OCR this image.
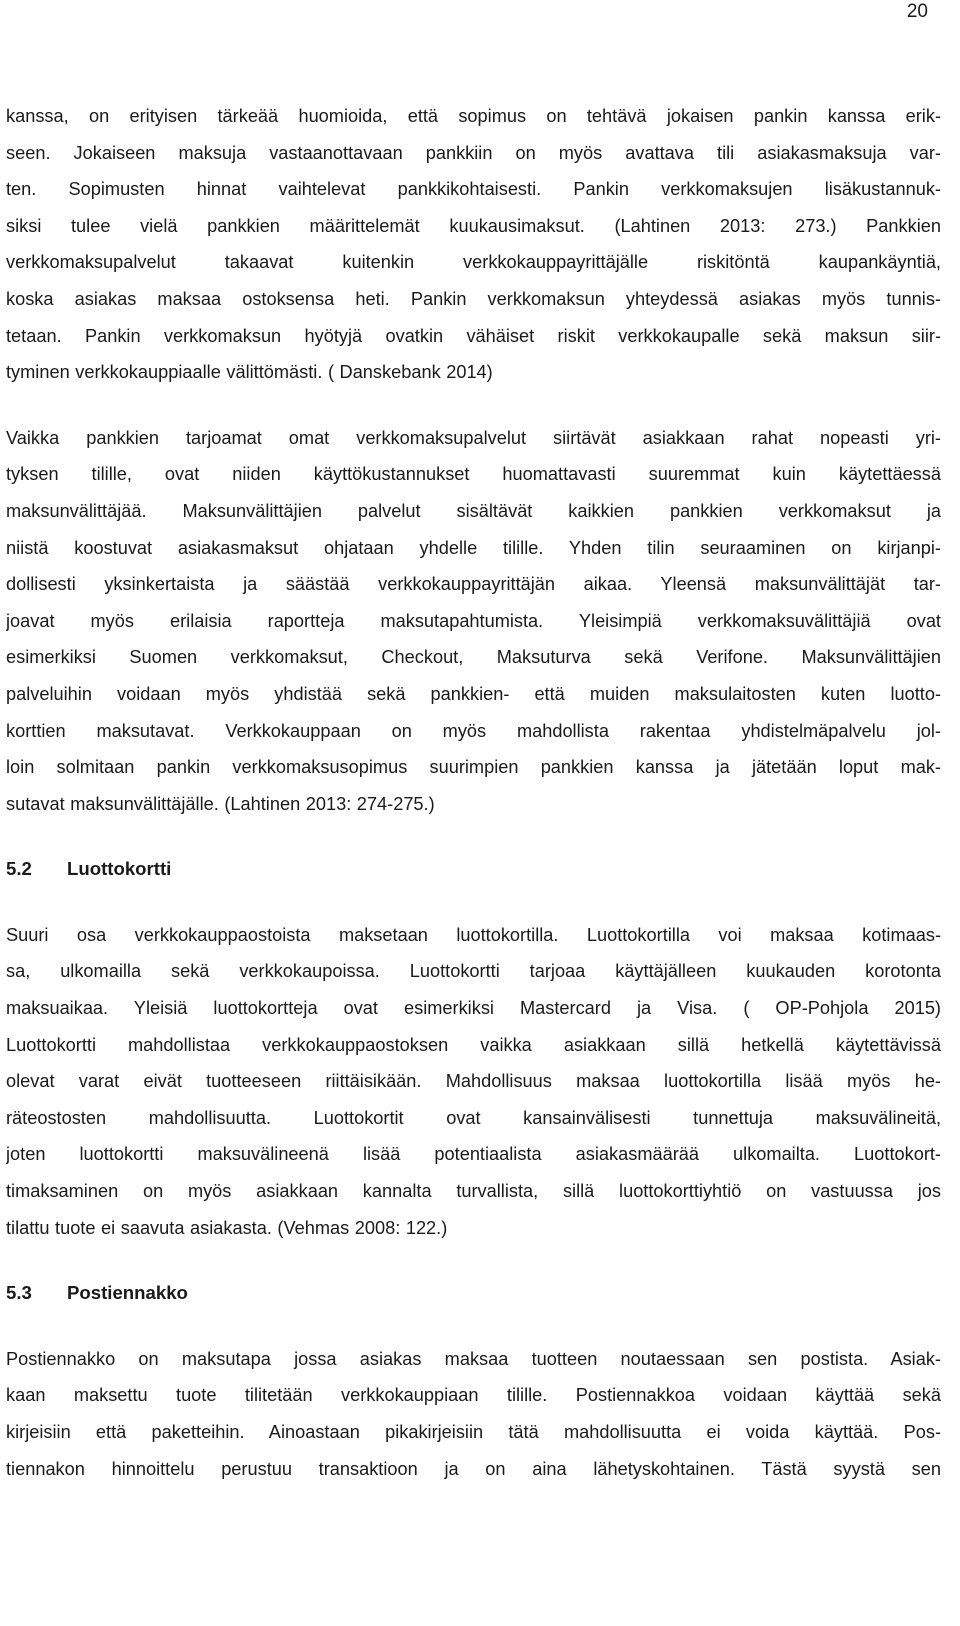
20

kanssa, on erityisen tärkeää huomioida, että sopimus on tehtävä jokaisen pankin kanssa erik-
seen. Jokaiseen maksuja vastaanottavaan pankkiin on myös avattava tili asiakasmaksuja var-
ten. Sopimusten hinnat vaihtelevat pankkikohtaisesti. Pankin verkkomaksujen lisäkustannuk-
siksi tulee vielä pankkien määrittelemät kuukausimaksut. (Lahtinen 2013: 273.) Pankkien
verkkomaksupalvelut takaavat kuitenkin verkkokauppayrittäjälle riskitöntä kaupankäyntiä,
koska asiakas maksaa ostoksensa heti. Pankin verkkomaksun yhteydessä asiakas myös tunnis-
tetaan. Pankin verkkomaksun hyötyjä ovatkin vähäiset riskit verkkokaupalle sekä maksun siir-
tyminen verkkokauppiaalle välittömästi. ( Danskebank 2014)

Vaikka pankkien tarjoamat omat verkkomaksupalvelut siirtävät asiakkaan rahat nopeasti yri-
tyksen tilille, ovat niiden käyttökustannukset huomattavasti suuremmat kuin käytettäessä
maksunvälittäjää. Maksunvälittäjien palvelut sisältävät kaikkien pankkien verkkomaksut ja
niistä koostuvat asiakasmaksut ohjataan yhdelle tilille. Yhden tilin seuraaminen on kirjanpi-
dollisesti yksinkertaista ja säästää verkkokauppayrittäjän aikaa. Yleensä maksunvälittäjät tar-
joavat myös erilaisia raportteja maksutapahtumista. Yleisimpiä verkkomaksuvälittäjiä ovat
esimerkiksi Suomen verkkomaksut, Checkout, Maksuturva sekä Verifone. Maksunvälittäjien
palveluihin voidaan myös yhdistää sekä pankkien- että muiden maksulaitosten kuten luotto-
korttien maksutavat. Verkkokauppaan on myös mahdollista rakentaa yhdistelmäpalvelu jol-
loin solmitaan pankin verkkomaksusopimus suurimpien pankkien kanssa ja jätetään loput mak-
sutavat maksunvälittäjälle. (Lahtinen 2013: 274-275.)

5.2 Luottokortti

Suuri osa verkkokauppaostoista maksetaan luottokortilla. Luottokortilla voi maksaa kotimaas-
sa, ulkomailla sekä verkkokaupoissa. Luottokortti tarjoaa käyttäjälleen kuukauden korotonta
maksuaikaa. Yleisiä luottokortteja ovat esimerkiksi Mastercard ja Visa. ( OP-Pohjola 2015)
Luottokortti mahdollistaa verkkokauppaostoksen vaikka asiakkaan sillä hetkellä käytettävissä
olevat varat eivät tuotteeseen riittäisikään. Mahdollisuus maksaa luottokortilla lisää myös he-
räteostosten mahdollisuutta. Luottokortit ovat kansainvälisesti tunnettuja maksuvälineitä,
joten luottokortti maksuvälineenä lisää potentiaalista asiakasmäärää ulkomailta. Luottokort-
timaksaminen on myös asiakkaan kannalta turvallista, sillä luottokorttiyhtiö on vastuussa jos
tilattu tuote ei saavuta asiakasta. (Vehmas 2008: 122.)

5.3 Postiennakko

Postiennakko on maksutapa jossa asiakas maksaa tuotteen noutaessaan sen postista. Asiak-
kaan maksettu tuote tilitetään verkkokauppiaan tilille. Postiennakkoa voidaan käyttää sekä
kirjeisiin että paketteihin. Ainoastaan pikakirjeisiin tätä mahdollisuutta ei voida käyttää. Pos-
tiennakon hinnoittelu perustuu transaktioon ja on aina lähetyskohtainen. Tästä syystä sen
